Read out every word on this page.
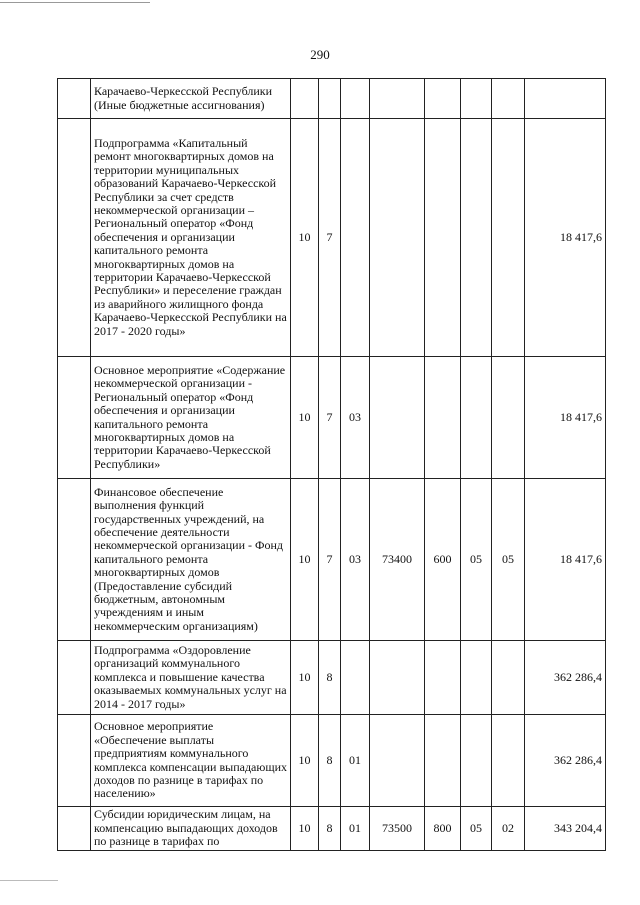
290
	Карачаево-Черкесской Республики (Иные бюджетные ассигнования)								
	Подпрограмма «Капитальный ремонт многоквартирных домов на территории муниципальных образований Карачаево-Черкесской Республики за счет средств некоммерческой организации – Региональный оператор «Фонд обеспечения и организации капитального ремонта многоквартирных домов на территории Карачаево-Черкесской Республики» и переселение граждан из аварийного жилищного фонда Карачаево-Черкесской Республики на 2017 - 2020 годы»	10	7						18 417,6
	Основное мероприятие «Содержание некоммерческой организации - Региональный оператор «Фонд обеспечения и организации капитального ремонта многоквартирных домов на территории Карачаево-Черкесской Республики»	10	7	03					18 417,6
	Финансовое обеспечение выполнения функций государственных учреждений, на обеспечение деятельности некоммерческой организации - Фонд капитального ремонта многоквартирных домов (Предоставление субсидий бюджетным, автономным учреждениям и иным некоммерческим организациям)	10	7	03	73400	600	05	05	18 417,6
	Подпрограмма «Оздоровление организаций коммунального комплекса и повышение качества оказываемых коммунальных услуг на 2014 - 2017 годы»	10	8						362 286,4
	Основное мероприятие «Обеспечение выплаты предприятиям коммунального комплекса компенсации выпадающих доходов по разнице в тарифах по населению»	10	8	01					362 286,4
	Субсидии юридическим лицам, на компенсацию выпадающих доходов по разнице в тарифах по	10	8	01	73500	800	05	02	343 204,4
